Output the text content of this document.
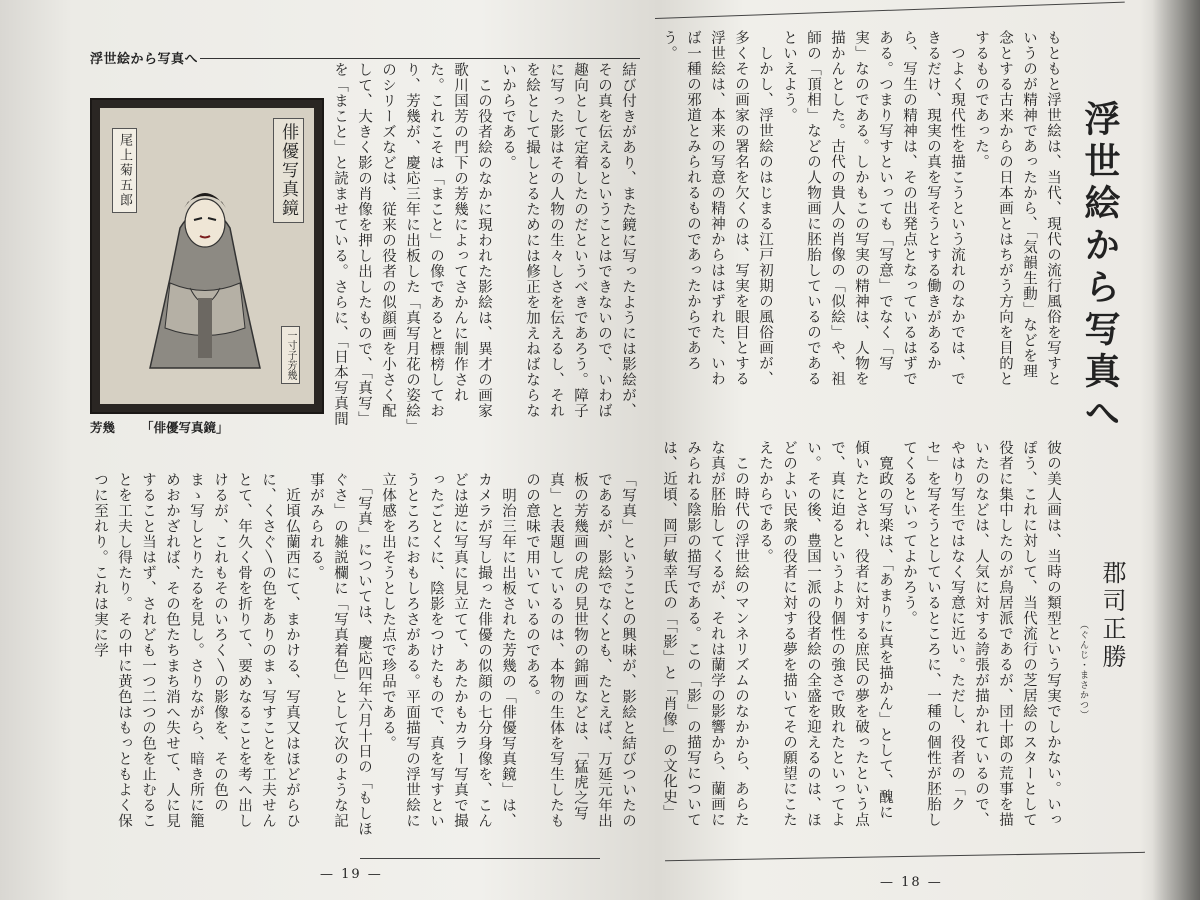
浮世絵から写真へ
俳優写真鏡
尾上菊五郎
一寸子芳幾
芳幾 「俳優写真鏡」
結び付きがあり、また鏡に写ったようには影絵が、その真を伝えるということはできないので、いわば趣向として定着したのだというべきであろう。障子に写った影はその人物の生々しさを伝えるし、それを絵として撮しとるためには修正を加えねばならないからである。
　この役者絵のなかに現われた影絵は、異才の画家歌川国芳の門下の芳幾によってさかんに制作された。これこそは「まこと」の像であると標榜しており、芳幾が、慶応三年に出板した「真写月花の姿絵」のシリーズなどは、従来の役者の似顔画を小さく配して、大きく影の肖像を押し出したもので、「真写」を「まこと」と読ませている。さらに、「日本写真間
「写真」ということの興味が、影絵と結びついたのであるが、影絵でなくとも、たとえば、万延元年出板の芳幾画の虎の見世物の錦画などは、「猛虎之写真」と表題しているのは、本物の生体を写生したものの意味で用いているのである。
　明治三年に出板された芳幾の「俳優写真鏡」は、カメラが写し撮った俳優の似顔の七分身像を、こんどは逆に写真に見立てて、あたかもカラー写真で撮ったごとくに、陰影をつけたもので、真を写すというところにおもしろさがある。平面描写の浮世絵に立体感を出そうとした点で珍品である。
　「写真」については、慶応四年六月十日の「もしほぐさ」の雑説欄に「写真着色」として次のような記事がみられる。
　近頃仏蘭西にて、まかける、写真又はほどがらひに、くさぐ〵の色をありのまゝ写すことを工夫せんとて、年久く骨を折りて、要めなることを考へ出しけるが、これもそのいろく〵の影像を、その色のまゝ写しとりたるを見し。さりながら、暗き所に籠めおかざれば、その色たちまち消へ失せて、人に見すること当はず、されども一つ二つの色を止むることを工夫し得たり。その中に黄色はもっともよく保つに至れり。これは実に学
— 19 —
もともと浮世絵は、当代、現代の流行風俗を写すというのが精神であったから、「気韻生動」などを理念とする古来からの日本画とはちがう方向を目的とするものであった。
　つよく現代性を描こうという流れのなかでは、できるだけ、現実の真を写そうとする働きがあるから、写生の精神は、その出発点となっているはずである。つまり写すといっても「写意」でなく「写実」なのである。しかもこの写実の精神は、人物を描かんとした。古代の貴人の肖像の「似絵」や、祖師の「頂相」などの人物画に胚胎しているのであるといえよう。
　しかし、浮世絵のはじまる江戸初期の風俗画が、多くその画家の署名を欠くのは、写実を眼目とする浮世絵は、本来の写意の精神からははずれた、いわば一種の邪道とみられるものであったからであろう。

浮世絵から写真へ
彼の美人画は、当時の類型という写実でしかない。いっぽう、これに対して、当代流行の芝居絵のスターとして役者に集中したのが鳥居派であるが、団十郎の荒事を描いたのなどは、人気に対する誇張が描かれているので、やはり写生ではなく写意に近い。ただし、役者の「クセ」を写そうとしているところに、一種の個性が胚胎してくるといってよかろう。
　寛政の写楽は、「あまりに真を描かん」として、醜に傾いたとされ、役者に対する庶民の夢を破ったという点で、真に迫るというより個性の強さで敗れたといってよい。その後、豊国一派の役者絵の全盛を迎えるのは、ほどのよい民衆の役者に対する夢を描いてその願望にこたえたからである。
　この時代の浮世絵のマンネリズムのなかから、あらたな真が胚胎してくるが、それは蘭学の影響から、蘭画にみられる陰影の描写である。この「影」の描写については、近頃、岡戸敏幸氏の「「影」と「肖像」の文化史」

郡司正勝
（ぐんじ・まさかつ）
— 18 —
